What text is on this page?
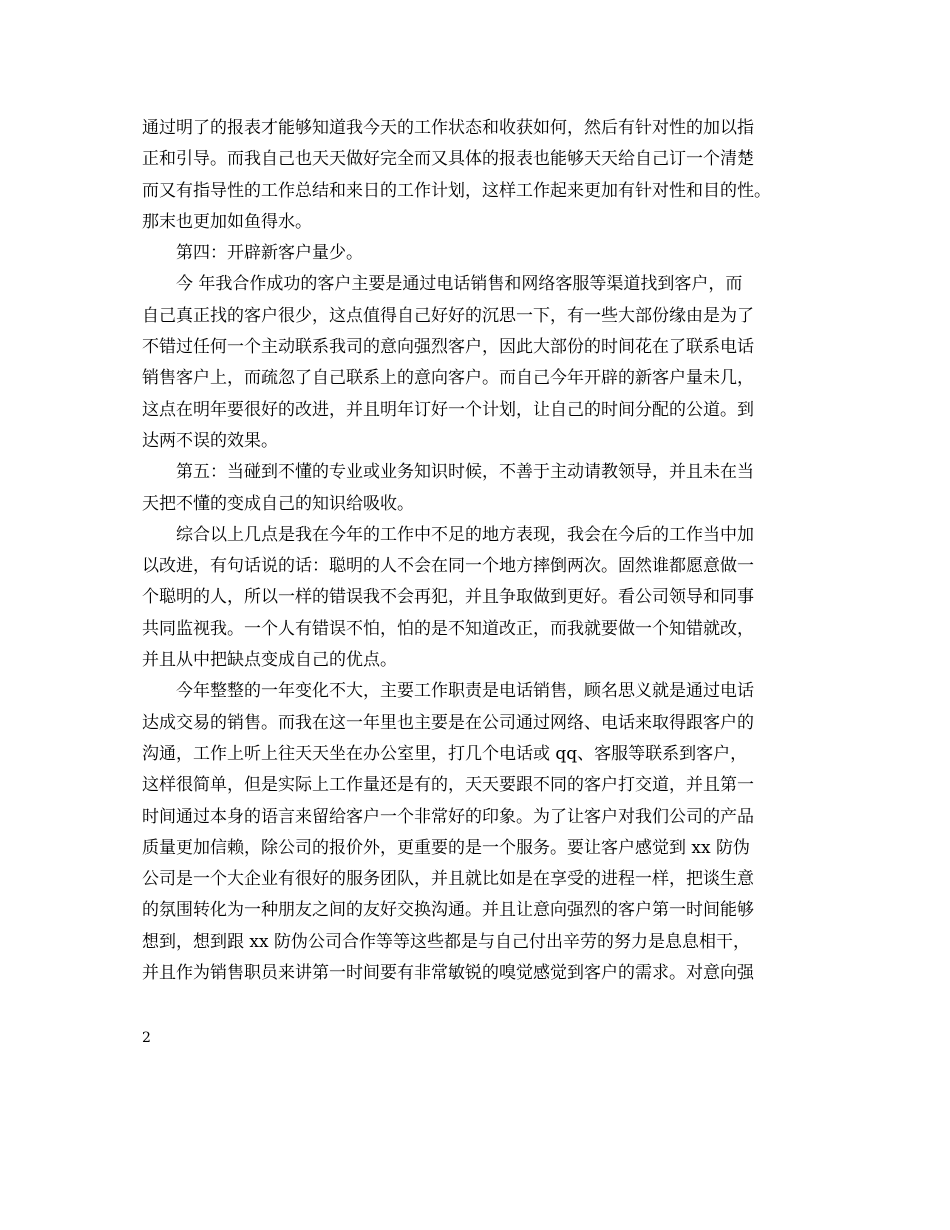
通过明了的报表才能够知道我今天的工作状态和收获如何，然后有针对性的加以指
正和引导。而我自己也天天做好完全而又具体的报表也能够天天给自己订一个清楚
而又有指导性的工作总结和来日的工作计划，这样工作起来更加有针对性和目的性。
那末也更加如鱼得水。
第四：开辟新客户量少。
今 年我合作成功的客户主要是通过电话销售和网络客服等渠道找到客户，而
自己真正找的客户很少，这点值得自己好好的沉思一下，有一些大部份缘由是为了
不错过任何一个主动联系我司的意向强烈客户，因此大部份的时间花在了联系电话
销售客户上，而疏忽了自己联系上的意向客户。而自己今年开辟的新客户量未几，
这点在明年要很好的改进，并且明年订好一个计划，让自己的时间分配的公道。到
达两不误的效果。
第五：当碰到不懂的专业或业务知识时候，不善于主动请教领导，并且未在当
天把不懂的变成自己的知识给吸收。
综合以上几点是我在今年的工作中不足的地方表现，我会在今后的工作当中加
以改进，有句话说的话：聪明的人不会在同一个地方摔倒两次。固然谁都愿意做一
个聪明的人，所以一样的错误我不会再犯，并且争取做到更好。看公司领导和同事
共同监视我。一个人有错误不怕，怕的是不知道改正，而我就要做一个知错就改，
并且从中把缺点变成自己的优点。
今年整整的一年变化不大，主要工作职责是电话销售，顾名思义就是通过电话
达成交易的销售。而我在这一年里也主要是在公司通过网络、电话来取得跟客户的
沟通，工作上听上往天天坐在办公室里，打几个电话或 qq、客服等联系到客户，
这样很简单，但是实际上工作量还是有的，天天要跟不同的客户打交道，并且第一
时间通过本身的语言来留给客户一个非常好的印象。为了让客户对我们公司的产品
质量更加信赖，除公司的报价外，更重要的是一个服务。要让客户感觉到 xx 防伪
公司是一个大企业有很好的服务团队，并且就比如是在享受的进程一样，把谈生意
的氛围转化为一种朋友之间的友好交换沟通。并且让意向强烈的客户第一时间能够
想到，想到跟 xx 防伪公司合作等等这些都是与自己付出辛劳的努力是息息相干，
并且作为销售职员来讲第一时间要有非常敏锐的嗅觉感觉到客户的需求。对意向强
2
